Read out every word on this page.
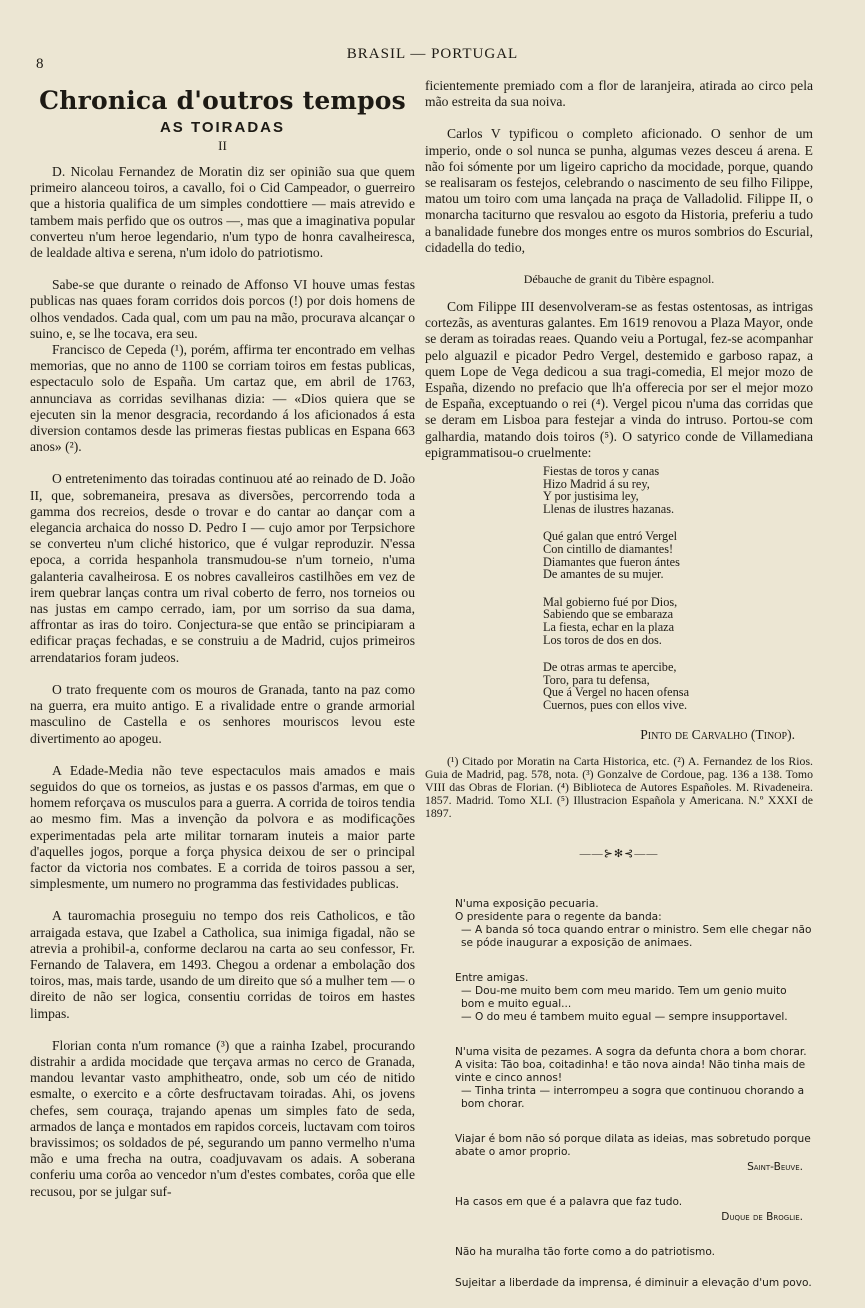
8
BRASIL — PORTUGAL
Chronica d'outros tempos
AS TOIRADAS
II

D. Nicolau Fernandez de Moratin diz ser opinião sua que quem primeiro alanceou toiros, a cavallo, foi o Cid Campeador, o guerreiro que a historia qualifica de um simples condottiere — mais atrevido e tambem mais perfido que os outros —, mas que a imaginativa popular converteu n'um heroe legendario, n'um typo de honra cavalheiresca, de lealdade altiva e serena, n'um idolo do patriotismo.

Sabe-se que durante o reinado de Affonso VI houve umas festas publicas nas quaes foram corridos dois porcos (!) por dois homens de olhos vendados. Cada qual, com um pau na mão, procurava alcançar o suino, e, se lhe tocava, era seu.

Francisco de Cepeda (¹), porém, affirma ter encontrado em velhas memorias, que no anno de 1100 se corriam toiros em festas publicas, espectaculo solo de España. Um cartaz que, em abril de 1763, annunciava as corridas sevilhanas dizia: — «Dios quiera que se ejecuten sin la menor desgracia, recordando á los aficionados á esta diversion contamos desde las primeras fiestas publicas en Espana 663 anos» (²).

O entretenimento das toiradas continuou até ao reinado de D. João II, que, sobremaneira, presava as diversões, percorrendo toda a gamma dos recreios, desde o trovar e do cantar ao dançar com a elegancia archaica do nosso D. Pedro I — cujo amor por Terpsichore se converteu n'um cliché historico, que é vulgar reproduzir. N'essa epoca, a corrida hespanhola transmudou-se n'um torneio, n'uma galanteria cavalheirosa. E os nobres cavalleiros castilhões em vez de irem quebrar lanças contra um rival coberto de ferro, nos torneios ou nas justas em campo cerrado, iam, por um sorriso da sua dama, affrontar as iras do toiro. Conjectura-se que então se principiaram a edificar praças fechadas, e se construiu a de Madrid, cujos primeiros arrendatarios foram judeos.

O trato frequente com os mouros de Granada, tanto na paz como na guerra, era muito antigo. E a rivalidade entre o grande armorial masculino de Castella e os senhores mouriscos levou este divertimento ao apogeu.

A Edade-Media não teve espectaculos mais amados e mais seguidos do que os torneios, as justas e os passos d'armas, em que o homem reforçava os musculos para a guerra. A corrida de toiros tendia ao mesmo fim. Mas a invenção da polvora e as modificações experimentadas pela arte militar tornaram inuteis a maior parte d'aquelles jogos, porque a força physica deixou de ser o principal factor da victoria nos combates. E a corrida de toiros passou a ser, simplesmente, um numero no programma das festividades publicas.

A tauromachia proseguiu no tempo dos reis Catholicos, e tão arraigada estava, que Izabel a Catholica, sua inimiga figadal, não se atrevia a prohibil-a, conforme declarou na carta ao seu confessor, Fr. Fernando de Talavera, em 1493. Chegou a ordenar a embolação dos toiros, mas, mais tarde, usando de um direito que só a mulher tem — o direito de não ser logica, consentiu corridas de toiros em hastes limpas.

Florian conta n'um romance (³) que a rainha Izabel, procurando distrahir a ardida mocidade que terçava armas no cerco de Granada, mandou levantar vasto amphitheatro, onde, sob um céo de nitido esmalte, o exercito e a côrte desfructavam toiradas. Ahi, os jovens chefes, sem couraça, trajando apenas um simples fato de seda, armados de lança e montados em rapidos corceis, luctavam com toiros bravissimos; os soldados de pé, segurando um panno vermelho n'uma mão e uma frecha na outra, coadjuvavam os adais. A soberana conferiu uma corôa ao vencedor n'um d'estes combates, corôa que elle recusou, por se julgar suf-

ficientemente premiado com a flor de laranjeira, atirada ao circo pela mão estreita da sua noiva.

Carlos V typificou o completo aficionado. O senhor de um imperio, onde o sol nunca se punha, algumas vezes desceu á arena. E não foi sómente por um ligeiro capricho da mocidade, porque, quando se realisaram os festejos, celebrando o nascimento de seu filho Filippe, matou um toiro com uma lançada na praça de Valladolid. Filippe II, o monarcha taciturno que resvalou ao esgoto da Historia, preferiu a tudo a banalidade funebre dos monges entre os muros sombrios do Escurial, cidadella do tedio,

Débauche de granit du Tibère espagnol.

Com Filippe III desenvolveram-se as festas ostentosas, as intrigas cortezãs, as aventuras galantes. Em 1619 renovou a Plaza Mayor, onde se deram as toiradas reaes. Quando veiu a Portugal, fez-se acompanhar pelo alguazil e picador Pedro Vergel, destemido e garboso rapaz, a quem Lope de Vega dedicou a sua tragi-comedia, El mejor mozo de España, dizendo no prefacio que lh'a offerecia por ser el mejor mozo de España, exceptuando o rei (⁴). Vergel picou n'uma das corridas que se deram em Lisboa para festejar a vinda do intruso. Portou-se com galhardia, matando dois toiros (⁵). O satyrico conde de Villamediana epigrammatisou-o cruelmente:

Fiestas de toros y canas
Hizo Madrid á su rey,
Y por justisima ley,
Llenas de ilustres hazanas.
Qué galan que entró Vergel
Con cintillo de diamantes!
Diamantes que fueron ántes
De amantes de su mujer.
Mal gobierno fué por Dios,
Sabiendo que se embaraza
La fiesta, echar en la plaza
Los toros de dos en dos.
De otras armas te apercibe,
Toro, para tu defensa,
Que á Vergel no hacen ofensa
Cuernos, pues con ellos vive.
Pinto de Carvalho (Tinop).

(¹) Citado por Moratin na Carta Historica, etc. (²) A. Fernandez de los Rios. Guia de Madrid, pag. 578, nota. (³) Gonzalve de Cordoue, pag. 136 a 138. Tomo VIII das Obras de Florian. (⁴) Biblioteca de Autores Españoles. M. Rivadeneira. 1857. Madrid. Tomo XLI. (⁵) Illustracion Española y Americana. N.º XXXI de 1897.

——⊱✻⊰——
N'uma exposição pecuaria.
O presidente para o regente da banda:
— A banda só toca quando entrar o ministro. Sem elle chegar não se póde inaugurar a exposição de animaes.
Entre amigas.
— Dou-me muito bem com meu marido. Tem um genio muito bom e muito egual...
— O do meu é tambem muito egual — sempre insupportavel.
N'uma visita de pezames. A sogra da defunta chora a bom chorar. A visita: Tão boa, coitadinha! e tão nova ainda! Não tinha mais de vinte e cinco annos!
— Tinha trinta — interrompeu a sogra que continuou chorando a bom chorar.
Viajar é bom não só porque dilata as ideias, mas sobretudo porque abate o amor proprio.
Saint-Beuve.
Ha casos em que é a palavra que faz tudo.
Duque de Broglie.
Não ha muralha tão forte como a do patriotismo.
Sujeitar a liberdade da imprensa, é diminuir a elevação d'um povo.
